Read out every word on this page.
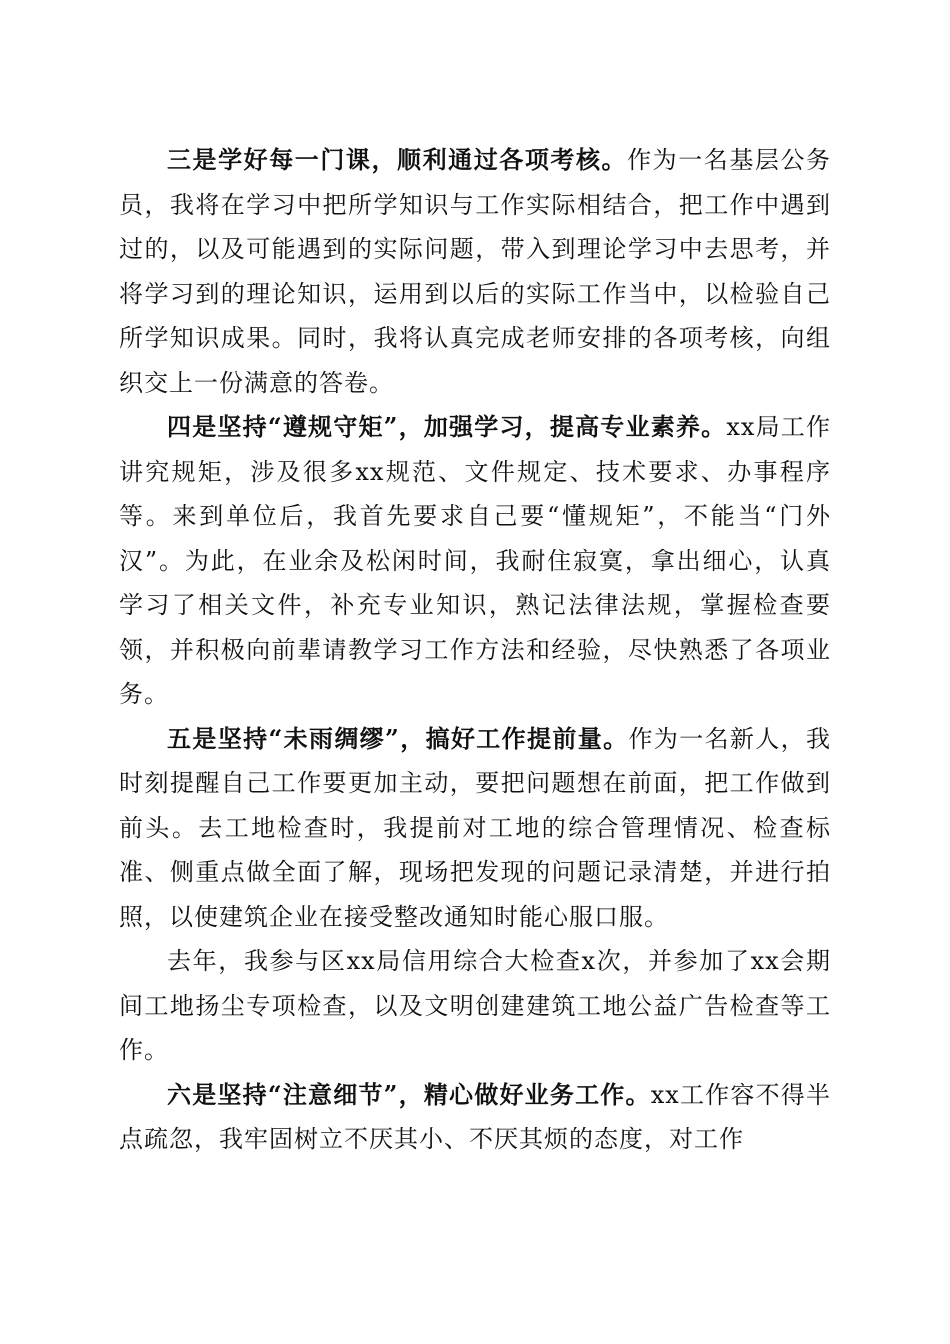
三是学好每一门课，顺利通过各项考核。作为一名基层公务员，我将在学习中把所学知识与工作实际相结合，把工作中遇到过的，以及可能遇到的实际问题，带入到理论学习中去思考，并将学习到的理论知识，运用到以后的实际工作当中，以检验自己所学知识成果。同时，我将认真完成老师安排的各项考核，向组织交上一份满意的答卷。

四是坚持“遵规守矩”，加强学习，提高专业素养。xx局工作讲究规矩，涉及很多xx规范、文件规定、技术要求、办事程序等。来到单位后，我首先要求自己要“懂规矩”，不能当“门外汉”。为此，在业余及松闲时间，我耐住寂寞，拿出细心，认真学习了相关文件，补充专业知识，熟记法律法规，掌握检查要领，并积极向前辈请教学习工作方法和经验，尽快熟悉了各项业务。

五是坚持“未雨绸缪”，搞好工作提前量。作为一名新人，我时刻提醒自己工作要更加主动，要把问题想在前面，把工作做到前头。去工地检查时，我提前对工地的综合管理情况、检查标准、侧重点做全面了解，现场把发现的问题记录清楚，并进行拍照，以使建筑企业在接受整改通知时能心服口服。

去年，我参与区xx局信用综合大检查x次，并参加了xx会期间工地扬尘专项检查，以及文明创建建筑工地公益广告检查等工作。

六是坚持“注意细节”，精心做好业务工作。xx工作容不得半点疏忽，我牢固树立不厌其小、不厌其烦的态度，对工作
